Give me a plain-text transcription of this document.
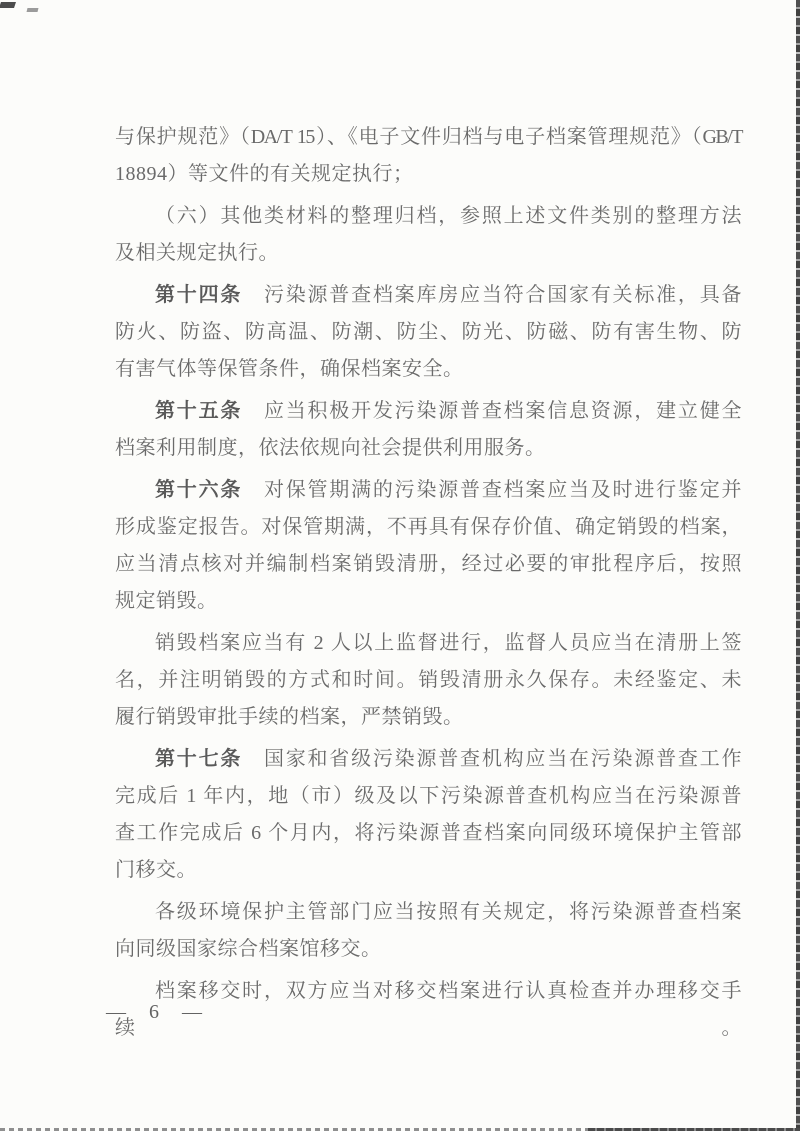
与保护规范》（DA/T 15）、《电子文件归档与电子档案管理规范》（GB/T
18894）等文件的有关规定执行；
（六）其他类材料的整理归档，参照上述文件类别的整理方法
及相关规定执行。
第十四条　污染源普查档案库房应当符合国家有关标准，具备
防火、防盗、防高温、防潮、防尘、防光、防磁、防有害生物、防
有害气体等保管条件，确保档案安全。
第十五条　应当积极开发污染源普查档案信息资源，建立健全
档案利用制度，依法依规向社会提供利用服务。
第十六条　对保管期满的污染源普查档案应当及时进行鉴定并
形成鉴定报告。对保管期满，不再具有保存价值、确定销毁的档案，
应当清点核对并编制档案销毁清册，经过必要的审批程序后，按照
规定销毁。
销毁档案应当有 2 人以上监督进行，监督人员应当在清册上签
名，并注明销毁的方式和时间。销毁清册永久保存。未经鉴定、未
履行销毁审批手续的档案，严禁销毁。
第十七条　国家和省级污染源普查机构应当在污染源普查工作
完成后 1 年内，地（市）级及以下污染源普查机构应当在污染源普
查工作完成后 6 个月内，将污染源普查档案向同级环境保护主管部
门移交。
各级环境保护主管部门应当按照有关规定，将污染源普查档案
向同级国家综合档案馆移交。
档案移交时，双方应当对移交档案进行认真检查并办理移交手续。
— 6 —
